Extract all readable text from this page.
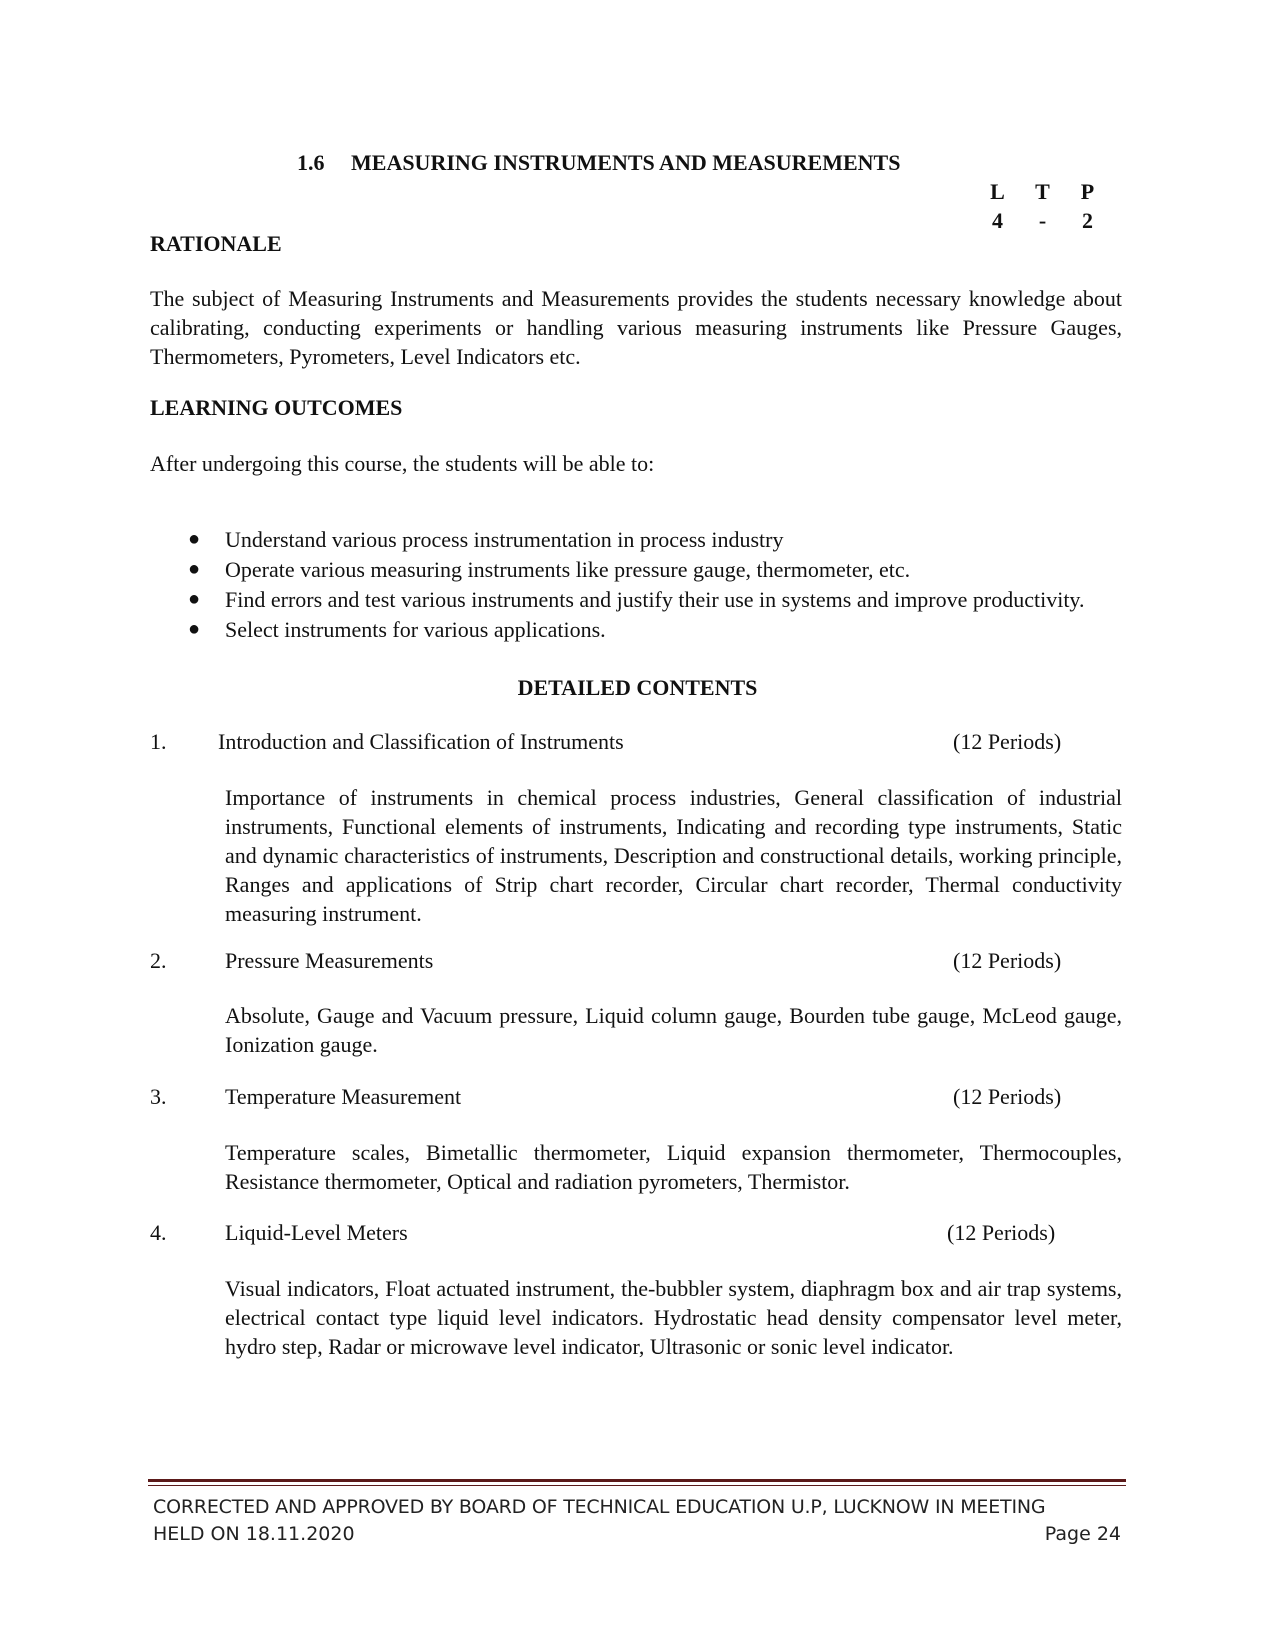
1.6 MEASURING INSTRUMENTS AND MEASUREMENTS
L T P
4 - 2
RATIONALE
The subject of Measuring Instruments and Measurements provides the students necessary knowledge about calibrating, conducting experiments or handling various measuring instruments like Pressure Gauges, Thermometers, Pyrometers, Level Indicators etc.
LEARNING OUTCOMES
After undergoing this course, the students will be able to:
● Understand various process instrumentation in process industry
● Operate various measuring instruments like pressure gauge, thermometer, etc.
● Find errors and test various instruments and justify their use in systems and improve productivity.
● Select instruments for various applications.
DETAILED CONTENTS
1. Introduction and Classification of Instruments	(12 Periods)
Importance of instruments in chemical process industries, General classification of industrial instruments, Functional elements of instruments, Indicating and recording type instruments, Static and dynamic characteristics of instruments, Description and constructional details, working principle, Ranges and applications of Strip chart recorder, Circular chart recorder, Thermal conductivity measuring instrument.
2.	Pressure Measurements	(12 Periods)
Absolute, Gauge and Vacuum pressure, Liquid column gauge, Bourden tube gauge, McLeod gauge, Ionization gauge.
3.	Temperature Measurement	(12 Periods)
Temperature scales, Bimetallic thermometer, Liquid expansion thermometer, Thermocouples, Resistance thermometer, Optical and radiation pyrometers, Thermistor.
4.	Liquid-Level Meters	(12 Periods)
Visual indicators, Float actuated instrument, the-bubbler system, diaphragm box and air trap systems, electrical contact type liquid level indicators. Hydrostatic head density compensator level meter, hydro step, Radar or microwave level indicator, Ultrasonic or sonic level indicator.
CORRECTED AND APPROVED BY BOARD OF TECHNICAL EDUCATION U.P, LUCKNOW IN MEETING
HELD ON 18.11.2020	Page 24
